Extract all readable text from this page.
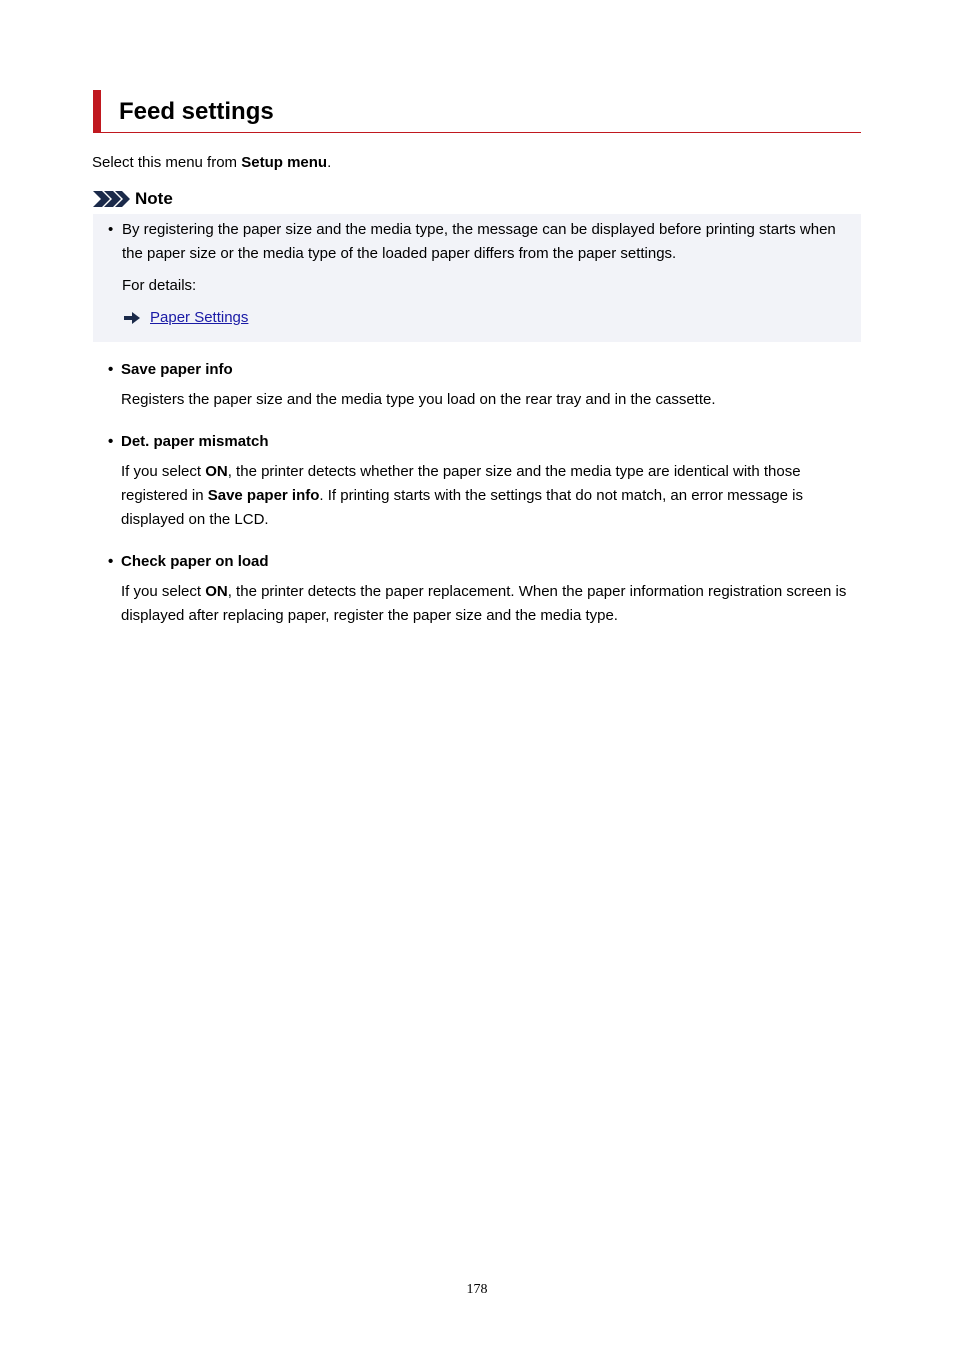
Feed settings
Select this menu from Setup menu.
Note
• By registering the paper size and the media type, the message can be displayed before printing starts when the paper size or the media type of the loaded paper differs from the paper settings.
For details:
Paper Settings
• Save paper info
Registers the paper size and the media type you load on the rear tray and in the cassette.
• Det. paper mismatch
If you select ON, the printer detects whether the paper size and the media type are identical with those registered in Save paper info. If printing starts with the settings that do not match, an error message is displayed on the LCD.
• Check paper on load
If you select ON, the printer detects the paper replacement. When the paper information registration screen is displayed after replacing paper, register the paper size and the media type.
178
